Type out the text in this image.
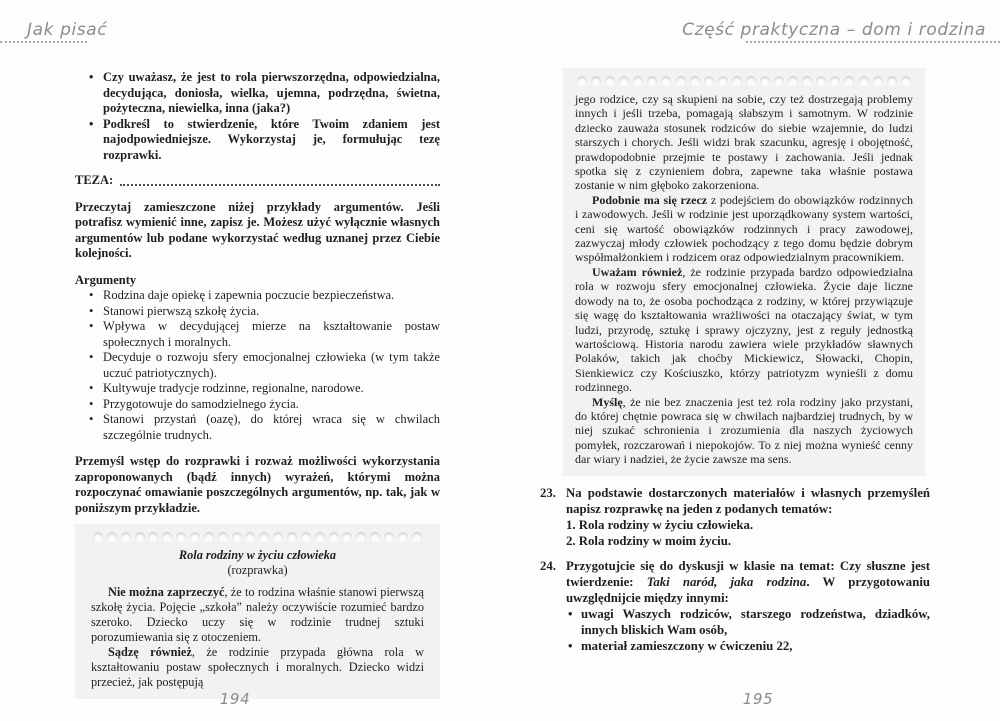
Jak pisać
• Czy uważasz, że jest to rola pierwszorzędna, odpowiedzialna, decydująca, doniosła, wielka, ujemna, podrzędna, świetna, pożyteczna, niewielka, inna (jaka?)
• Podkreśl to stwierdzenie, które Twoim zdaniem jest najodpowiedniejsze. Wykorzystaj je, formułując tezę rozprawki.
TEZA:

Przeczytaj zamieszczone niżej przykłady argumentów. Jeśli potrafisz wymienić inne, zapisz je. Możesz użyć wyłącznie własnych argumentów lub podane wykorzystać według uznanej przez Ciebie kolejności.

Argumenty

• Rodzina daje opiekę i zapewnia poczucie bezpieczeństwa.
• Stanowi pierwszą szkołę życia.
• Wpływa w decydującej mierze na kształtowanie postaw społecznych i moralnych.
• Decyduje o rozwoju sfery emocjonalnej człowieka (w tym także uczuć patriotycznych).
• Kultywuje tradycje rodzinne, regionalne, narodowe.
• Przygotowuje do samodzielnego życia.
• Stanowi przystań (oazę), do której wraca się w chwilach szczególnie trudnych.

Przemyśl wstęp do rozprawki i rozważ możliwości wykorzystania zaproponowanych (bądź innych) wyrażeń, którymi można rozpoczynać omawianie poszczególnych argumentów, np. tak, jak w poniższym przykładzie.

Rola rodziny w życiu człowieka

(rozprawka)

Nie można zaprzeczyć, że to rodzina właśnie stanowi pierwszą szkołę życia. Pojęcie „szkoła” należy oczywiście rozumieć bardzo szeroko. Dziecko uczy się w rodzinie trudnej sztuki porozumiewania się z otoczeniem.

Sądzę również, że rodzinie przypada główna rola w kształtowaniu postaw społecznych i moralnych. Dziecko widzi przecież, jak postępują

194
Część praktyczna – dom i rodzina

jego rodzice, czy są skupieni na sobie, czy też dostrzegają problemy innych i jeśli trzeba, pomagają słabszym i samotnym. W rodzinie dziecko zauważa stosunek rodziców do siebie wzajemnie, do ludzi starszych i chorych. Jeśli widzi brak szacunku, agresję i obojętność, prawdopodobnie przejmie te postawy i zachowania. Jeśli jednak spotka się z czynieniem dobra, zapewne taka właśnie postawa zostanie w nim głęboko zakorzeniona.

Podobnie ma się rzecz z podejściem do obowiązków rodzinnych i zawodowych. Jeśli w rodzinie jest uporządkowany system wartości, ceni się wartość obowiązków rodzinnych i pracy zawodowej, zazwyczaj młody człowiek pochodzący z tego domu będzie dobrym współmałżonkiem i rodzicem oraz odpowiedzialnym pracownikiem.

Uważam również, że rodzinie przypada bardzo odpowiedzialna rola w rozwoju sfery emocjonalnej człowieka. Życie daje liczne dowody na to, że osoba pochodząca z rodziny, w której przywiązuje się wagę do kształtowania wrażliwości na otaczający świat, w tym ludzi, przyrodę, sztukę i sprawy ojczyzny, jest z reguły jednostką wartościową. Historia narodu zawiera wiele przykładów sławnych Polaków, takich jak choćby Mickiewicz, Słowacki, Chopin, Sienkiewicz czy Kościuszko, którzy patriotyzm wynieśli z domu rodzinnego.

Myślę, że nie bez znaczenia jest też rola rodziny jako przystani, do której chętnie powraca się w chwilach najbardziej trudnych, by w niej szukać schronienia i zrozumienia dla naszych życiowych pomyłek, rozczarowań i niepokojów. To z niej można wynieść cenny dar wiary i nadziei, że życie zawsze ma sens.

23. Na podstawie dostarczonych materiałów i własnych przemyśleń napisz rozprawkę na jeden z podanych tematów:
1. Rola rodziny w życiu człowieka.
2. Rola rodziny w moim życiu.
24. Przygotujcie się do dyskusji w klasie na temat: Czy słuszne jest twierdzenie: Taki naród, jaka rodzina. W przygotowaniu uwzględnijcie między innymi:
• uwagi Waszych rodziców, starszego rodzeństwa, dziadków, innych bliskich Wam osób,
• materiał zamieszczony w ćwiczeniu 22,
195
